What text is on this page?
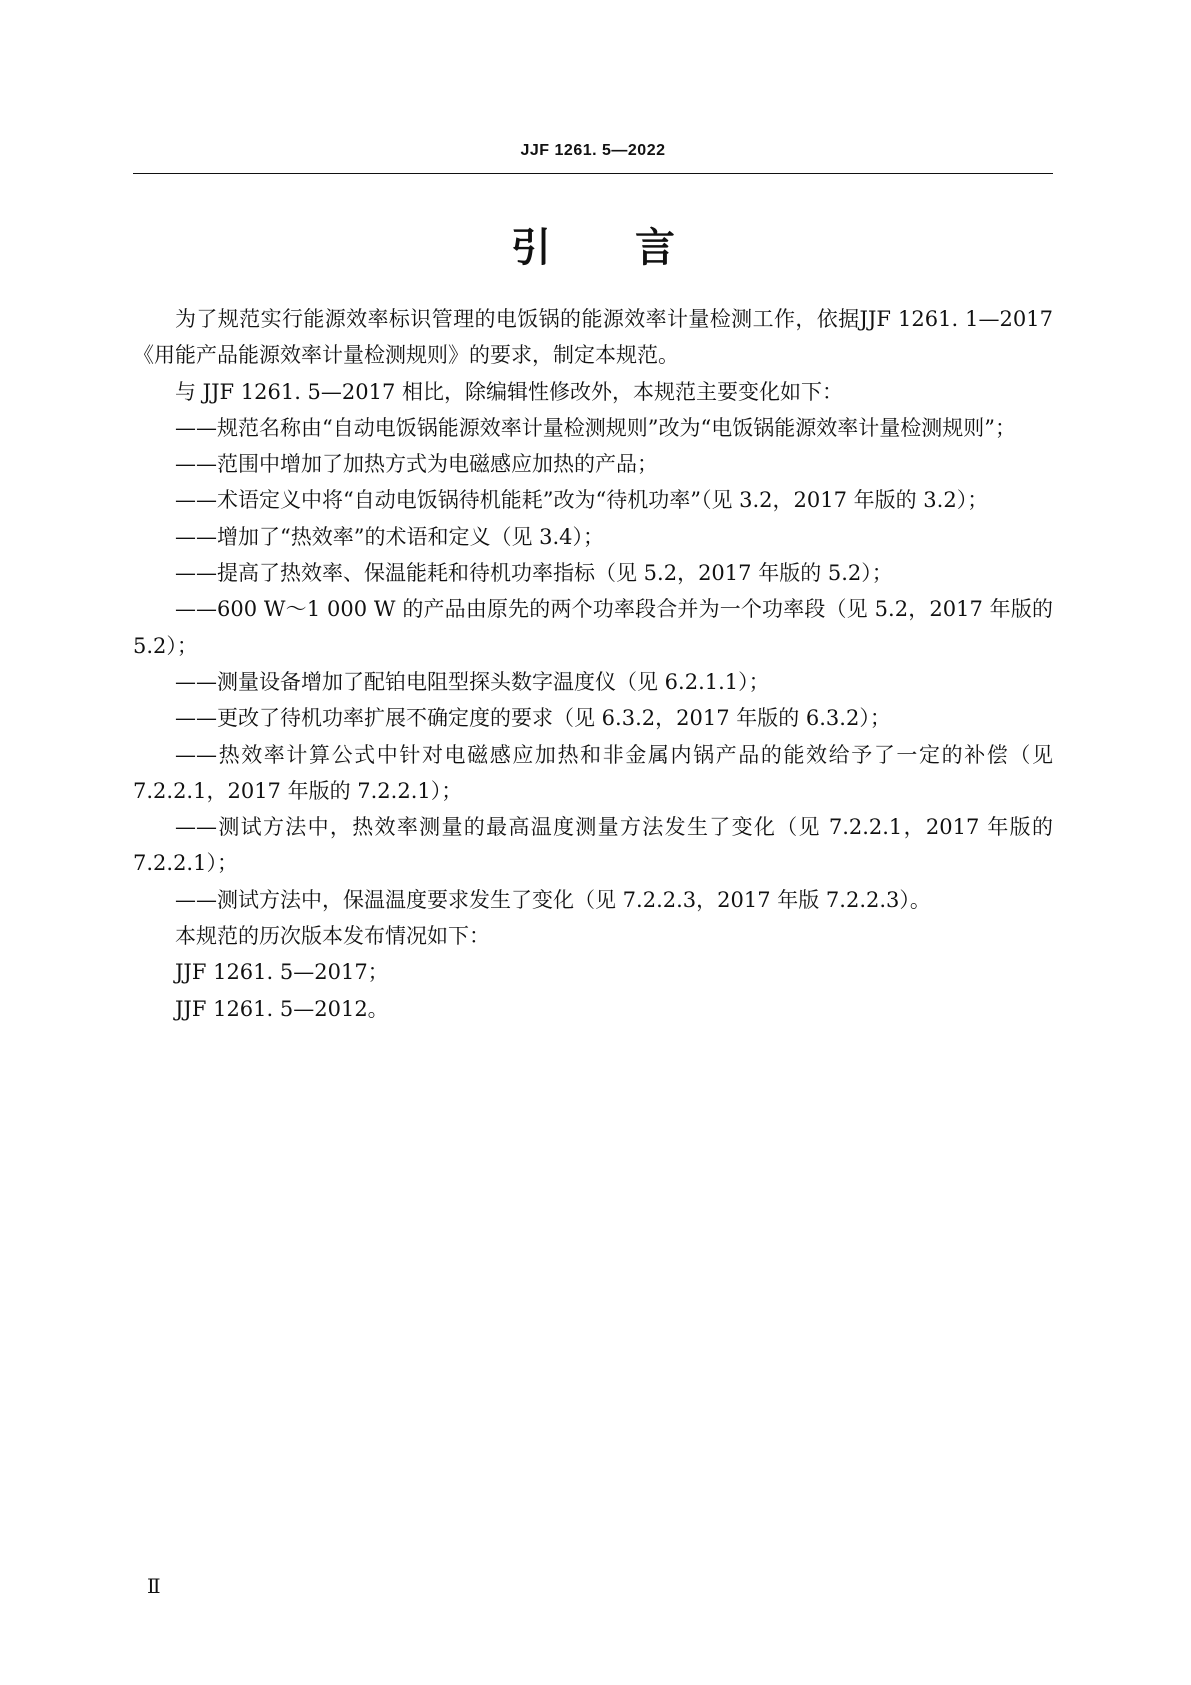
JJF 1261. 5—2022
引言

为了规范实行能源效率标识管理的电饭锅的能源效率计量检测工作，依据JJF 1261. 1—2017《用能产品能源效率计量检测规则》的要求，制定本规范。

与 JJF 1261. 5—2017 相比，除编辑性修改外，本规范主要变化如下：

——规范名称由“自动电饭锅能源效率计量检测规则”改为“电饭锅能源效率计量检测规则”；

——范围中增加了加热方式为电磁感应加热的产品；

——术语定义中将“自动电饭锅待机能耗”改为“待机功率”（见 3.2，2017 年版的 3.2）；

——增加了“热效率”的术语和定义（见 3.4）；

——提高了热效率、保温能耗和待机功率指标（见 5.2，2017 年版的 5.2）；

——600 W～1 000 W 的产品由原先的两个功率段合并为一个功率段（见 5.2，2017 年版的 5.2）；

——测量设备增加了配铂电阻型探头数字温度仪（见 6.2.1.1）；

——更改了待机功率扩展不确定度的要求（见 6.3.2，2017 年版的 6.3.2）；

——热效率计算公式中针对电磁感应加热和非金属内锅产品的能效给予了一定的补偿（见 7.2.2.1，2017 年版的 7.2.2.1）；

——测试方法中，热效率测量的最高温度测量方法发生了变化（见 7.2.2.1，2017 年版的 7.2.2.1）；

——测试方法中，保温温度要求发生了变化（见 7.2.2.3，2017 年版 7.2.2.3）。

本规范的历次版本发布情况如下：

JJF 1261. 5—2017；

JJF 1261. 5—2012。

Ⅱ
